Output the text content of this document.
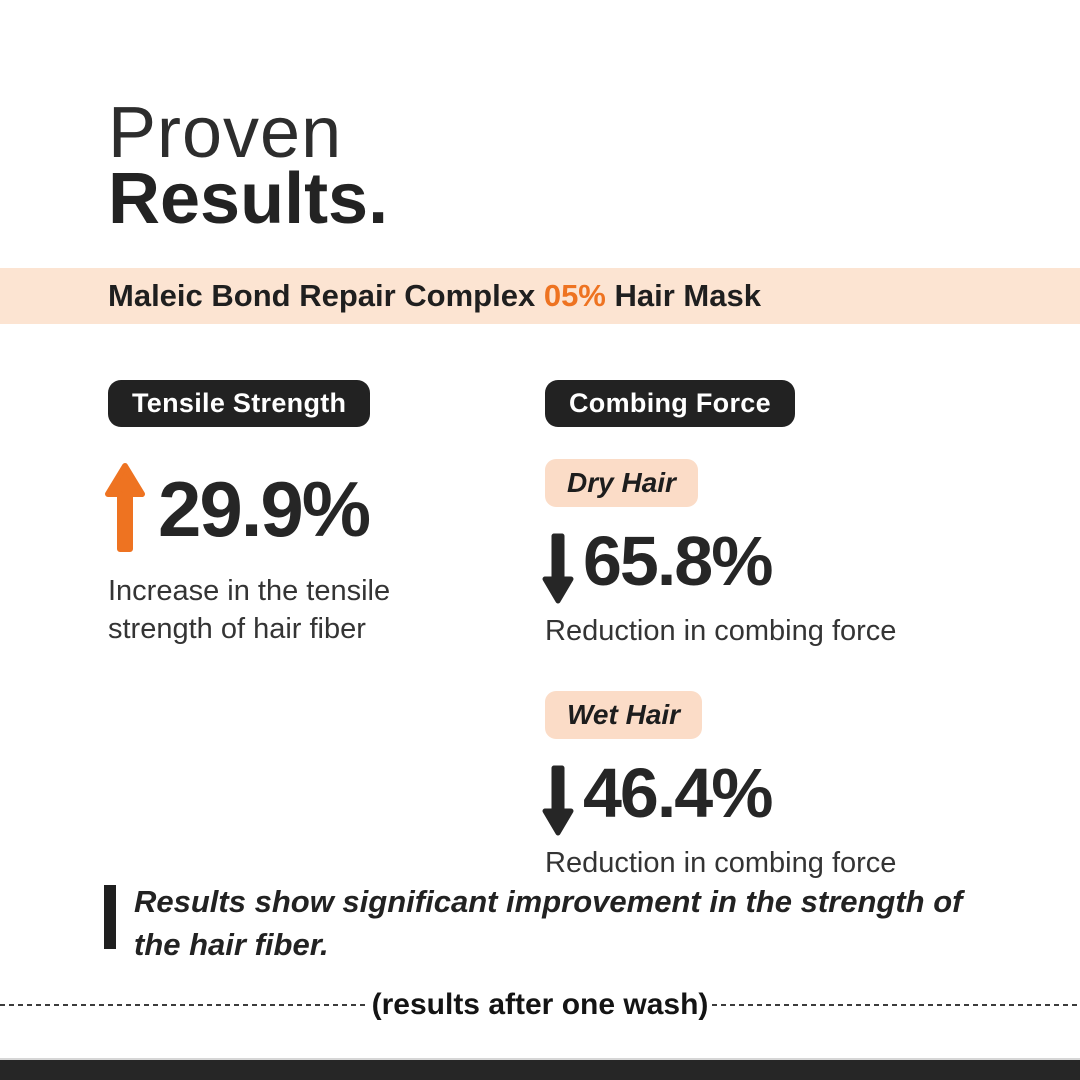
Proven
Results.
Maleic Bond Repair Complex 05% Hair Mask
Tensile Strength
29.9%
Increase in the tensile strength of hair fiber
Combing Force
Dry Hair
65.8%
Reduction in combing force
Wet Hair
46.4%
Reduction in combing force
Results show significant improvement in the strength of the hair fiber.
(results after one wash)
